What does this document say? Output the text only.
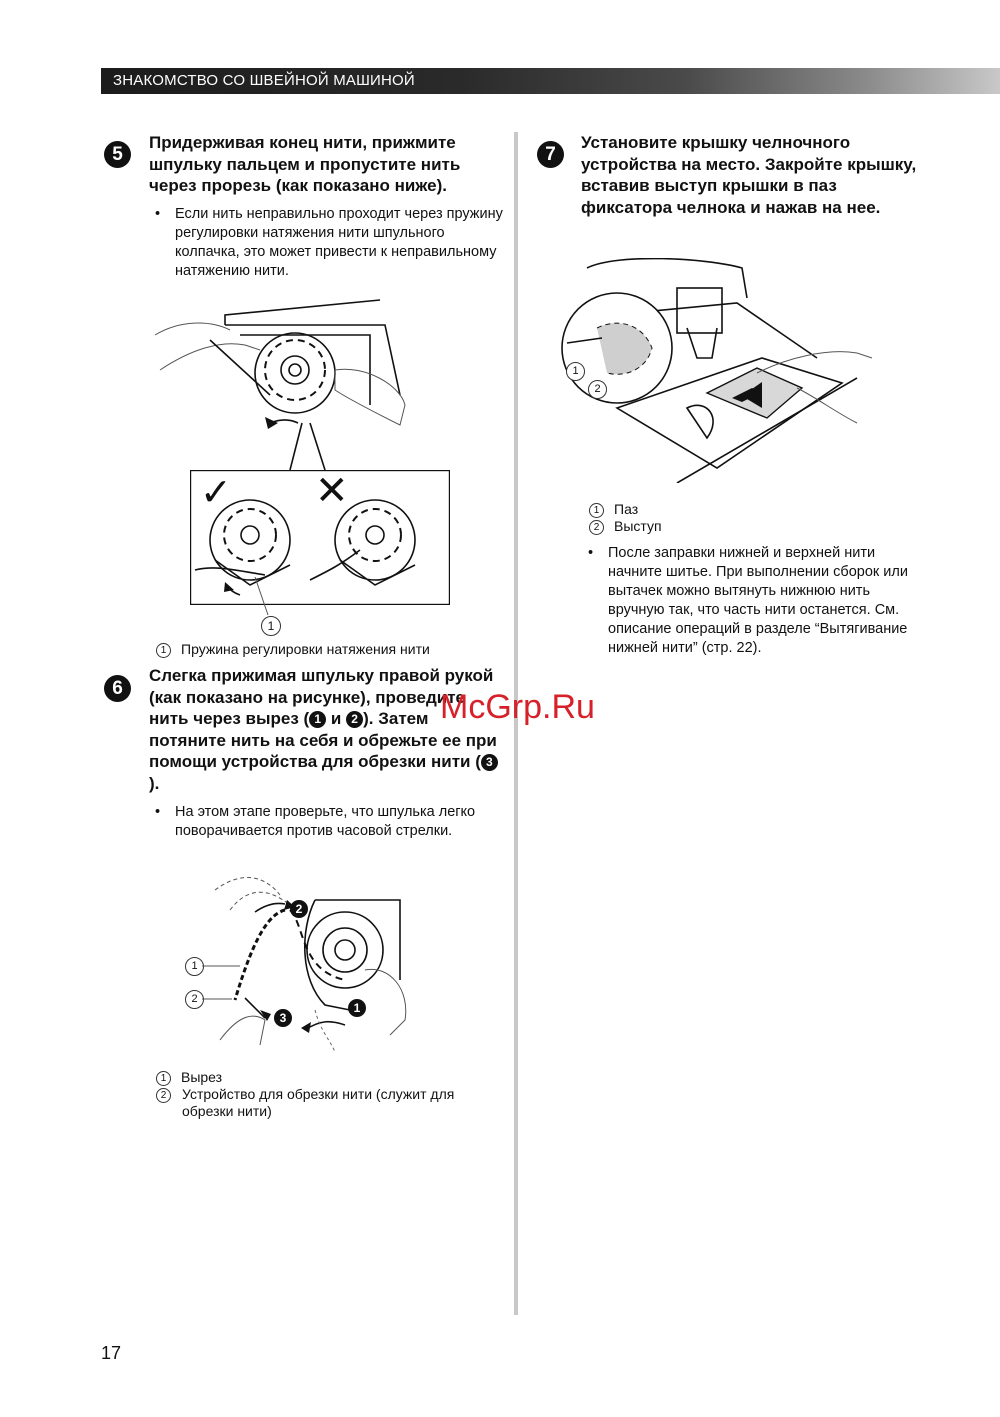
ЗНАКОМСТВО СО ШВЕЙНОЙ МАШИНОЙ
5
Придерживая конец нити, прижмите шпульку пальцем и пропустите нить через прорезь (как показано ниже).
• Если нить неправильно проходит через пружину регулировки натяжения нити шпульного колпачка, это может привести к неправильному натяжению нити.
✓ ✕
1
1 Пружина регулировки натяжения нити
6
Слегка прижимая шпульку правой рукой (как показано на рисунке), проведите нить через вырез ( 1 и 2 ). Затем потяните нить на себя и обрежьте ее при помощи устройства для обрезки нити ( 3).
• На этом этапе проверьте, что шпулька легко поворачивается против часовой стрелки.
2
1
3
1
2
1 Вырез
2	Устройство для обрезки нити (служит для обрезки нити)
7
Установите крышку челночного устройства на место. Закройте крышку, вставив выступ крышки в паз фиксатора челнока и нажав на нее.
1
2
1 Паз
2 Выступ
• После заправки нижней и верхней нити начните шитье. При выполнении сборок или вытачек можно вытянуть нижнюю нить вручную так, что часть нити останется. См. описание операций в разделе “Вытягивание нижней нити” (стр. 22).
McGrp.Ru
17
